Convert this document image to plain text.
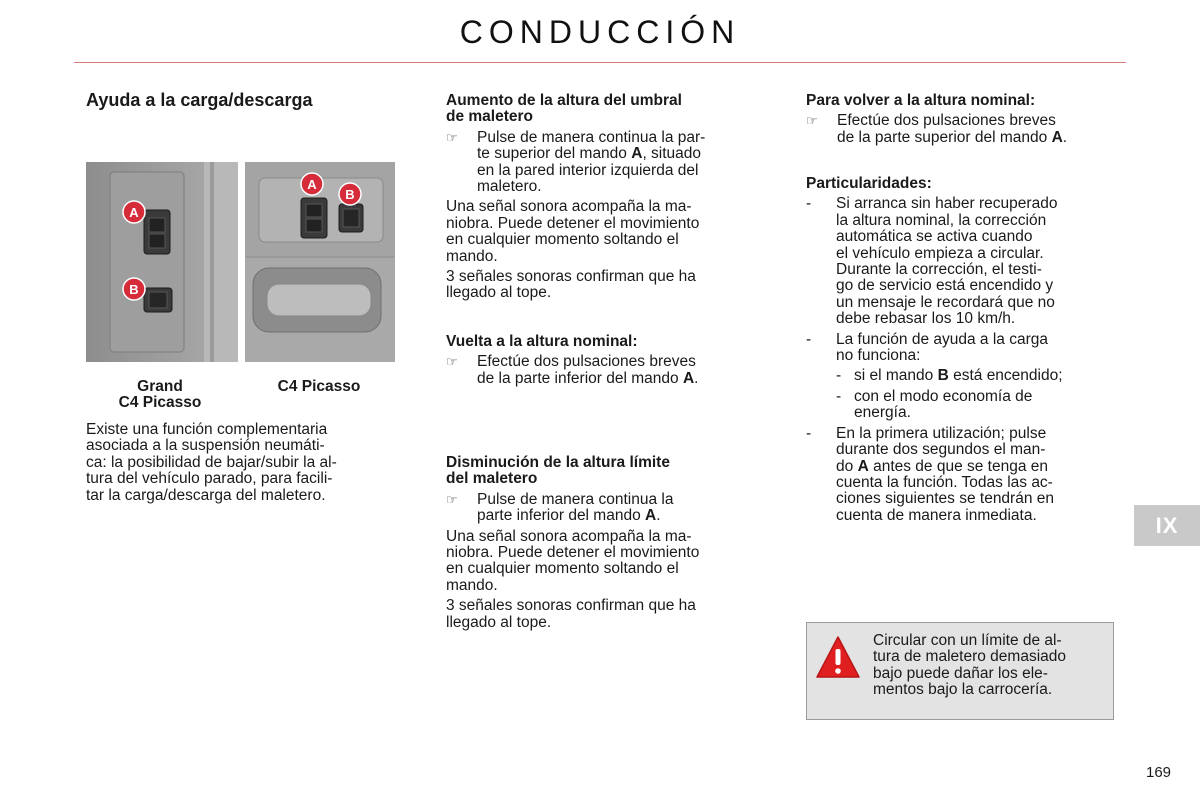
CONDUCCIÓN

Ayuda a la carga/descarga

A
B
A
B
Grand
C4 Picasso
C4 Picasso
Existe una función complementaria
asociada a la suspensión neumáti-
ca: la posibilidad de bajar/subir la al-
tura del vehículo parado, para facili-
tar la carga/descarga del maletero.
Aumento de la altura del umbral
de maletero
☞ Pulse de manera continua la par-
te superior del mando A, situado
en la pared interior izquierda del
maletero.
Una señal sonora acompaña la ma-
niobra. Puede detener el movimiento
en cualquier momento soltando el
mando.
3 señales sonoras confirman que ha
llegado al tope.
Vuelta a la altura nominal:
☞ Efectúe dos pulsaciones breves
de la parte inferior del mando A.
Disminución de la altura límite
del maletero
☞ Pulse de manera continua la
parte inferior del mando A.
Una señal sonora acompaña la ma-
niobra. Puede detener el movimiento
en cualquier momento soltando el
mando.
3 señales sonoras confirman que ha
llegado al tope.
Para volver a la altura nominal:
☞ Efectúe dos pulsaciones breves
de la parte superior del mando A.
Particularidades:
- Si arranca sin haber recuperado
la altura nominal, la corrección
automática se activa cuando
el vehículo empieza a circular.
Durante la corrección, el testi-
go de servicio está encendido y
un mensaje le recordará que no
debe rebasar los 10 km/h.
- La función de ayuda a la carga
no funciona:
- si el mando B está encendido;
- con el modo economía de
energía.
- En la primera utilización; pulse
durante dos segundos el man-
do A antes de que se tenga en
cuenta la función. Todas las ac-
ciones siguientes se tendrán en
cuenta de manera inmediata.	IX
Circular con un límite de al-
tura de maletero demasiado
bajo puede dañar los ele-
mentos bajo la carrocería.
169
